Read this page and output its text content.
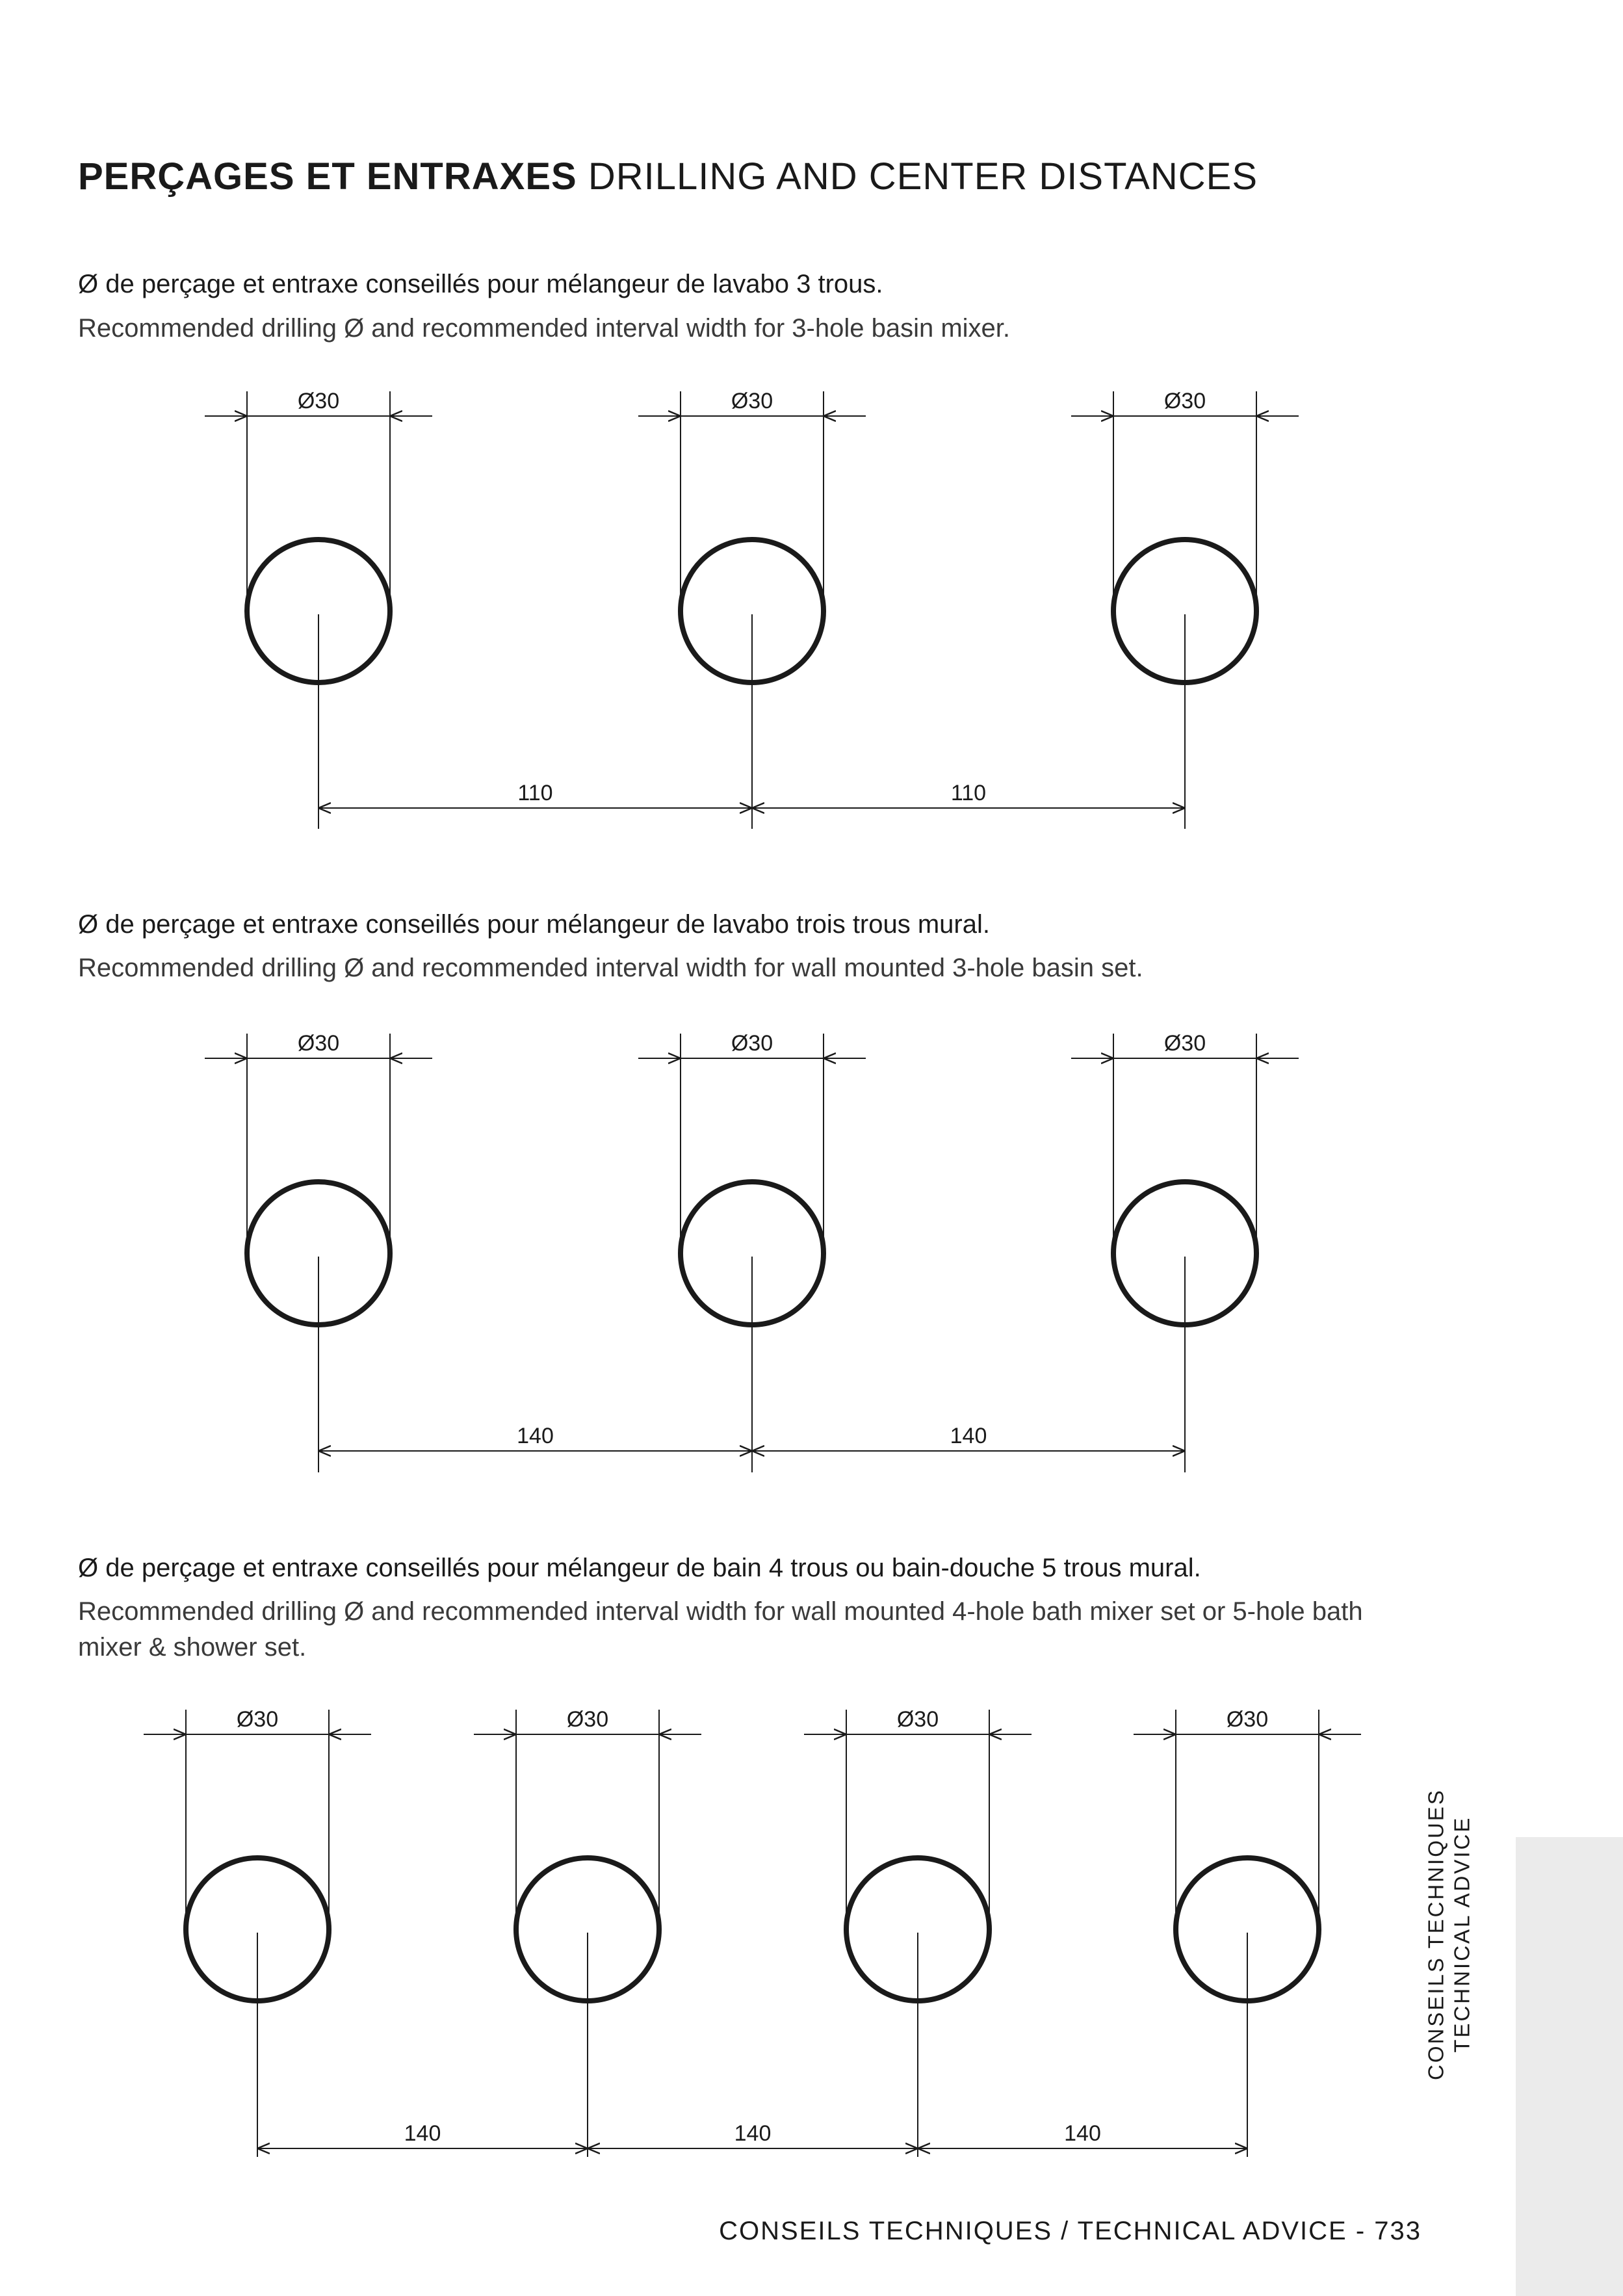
PERÇAGES ET ENTRAXES DRILLING AND CENTER DISTANCES
Ø de perçage et entraxe conseillés pour mélangeur de lavabo 3 trous.
Recommended drilling Ø and recommended interval width for 3-hole basin mixer.
Ø de perçage et entraxe conseillés pour mélangeur de lavabo trois trous mural.
Recommended drilling Ø and recommended interval width for wall mounted 3-hole basin set.
Ø de perçage et entraxe conseillés pour mélangeur de bain 4 trous ou bain-douche 5 trous mural.
Recommended drilling Ø and recommended interval width for wall mounted 4-hole bath mixer set or 5-hole bath mixer & shower set.
Ø30	Ø30	Ø30
110	110
Ø30	Ø30	Ø30
140	140
Ø30	Ø30	Ø30	Ø30
140	140	140
CONSEILS TECHNIQUES TECHNICAL ADVICE
CONSEILS TECHNIQUES / TECHNICAL ADVICE - 733
